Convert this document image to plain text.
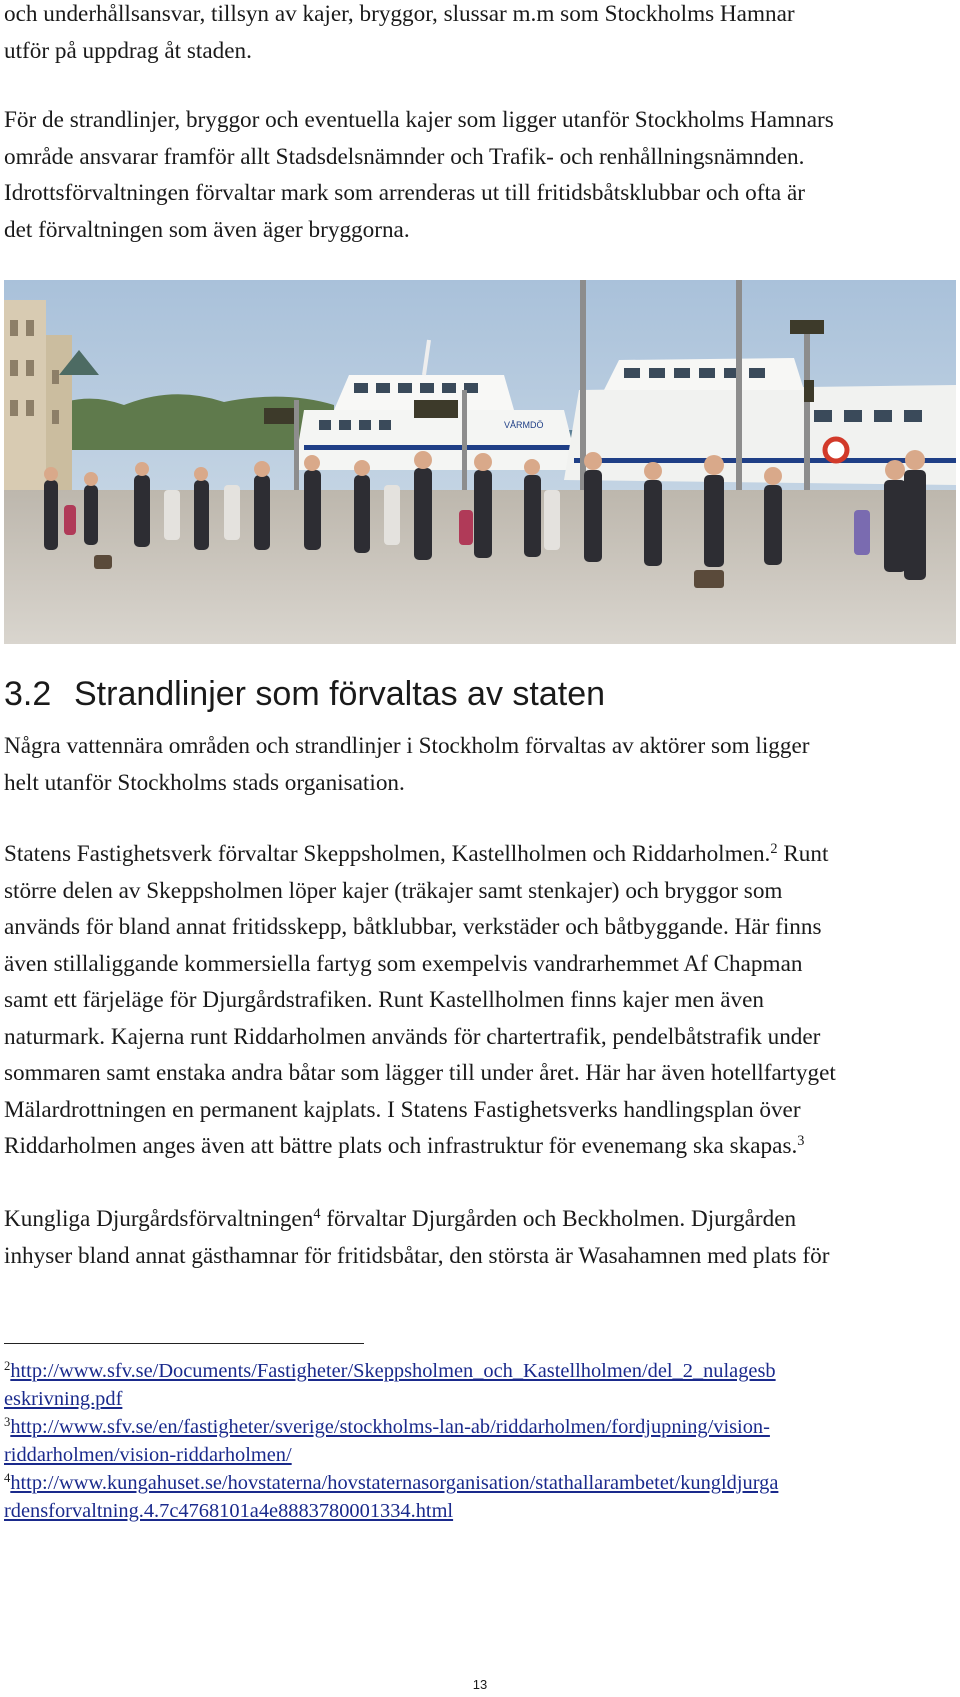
och underhållsansvar, tillsyn av kajer, bryggor, slussar m.m som Stockholms Hamnar
utför på uppdrag åt staden.

För de strandlinjer, bryggor och eventuella kajer som ligger utanför Stockholms Hamnars
område ansvarar framför allt Stadsdelsnämnder och Trafik- och renhållningsnämnden.
Idrottsförvaltningen förvaltar mark som arrenderas ut till fritidsbåtsklubbar och ofta är
det förvaltningen som även äger bryggorna.

VÅRMDÖ
3.2 Strandlinjer som förvaltas av staten

Några vattennära områden och strandlinjer i Stockholm förvaltas av aktörer som ligger
helt utanför Stockholms stads organisation.

Statens Fastighetsverk förvaltar Skeppsholmen, Kastellholmen och Riddarholmen.$^2$ Runt
större delen av Skeppsholmen löper kajer (träkajer samt stenkajer) och bryggor som
används för bland annat fritidsskepp, båtklubbar, verkstäder och båtbyggande. Här finns
även stillaliggande kommersiella fartyg som exempelvis vandrarhemmet Af Chapman
samt ett färjeläge för Djurgårdstrafiken. Runt Kastellholmen finns kajer men även
naturmark. Kajerna runt Riddarholmen används för chartertrafik, pendelbåtstrafik under
sommaren samt enstaka andra båtar som lägger till under året. Här har även hotellfartyget
Mälardrottningen en permanent kajplats. I Statens Fastighetsverks handlingsplan över
Riddarholmen anges även att bättre plats och infrastruktur för evenemang ska skapas.$^3$

Kungliga Djurgårdsförvaltningen$^4$ förvaltar Djurgården och Beckholmen. Djurgården
inhyser bland annat gästhamnar för fritidsbåtar, den största är Wasahamnen med plats för

$^2$http://www.sfv.se/Documents/Fastigheter/Skeppsholmen_och_Kastellholmen/del_2_nulagesb
eskrivning.pdf
$^3$http://www.sfv.se/en/fastigheter/sverige/stockholms-lan-ab/riddarholmen/fordjupning/vision-
riddarholmen/vision-riddarholmen/
$^4$http://www.kungahuset.se/hovstaterna/hovstaternasorganisation/stathallarambetet/kungldjurga
rdensforvaltning.4.7c4768101a4e8883780001334.html
13
